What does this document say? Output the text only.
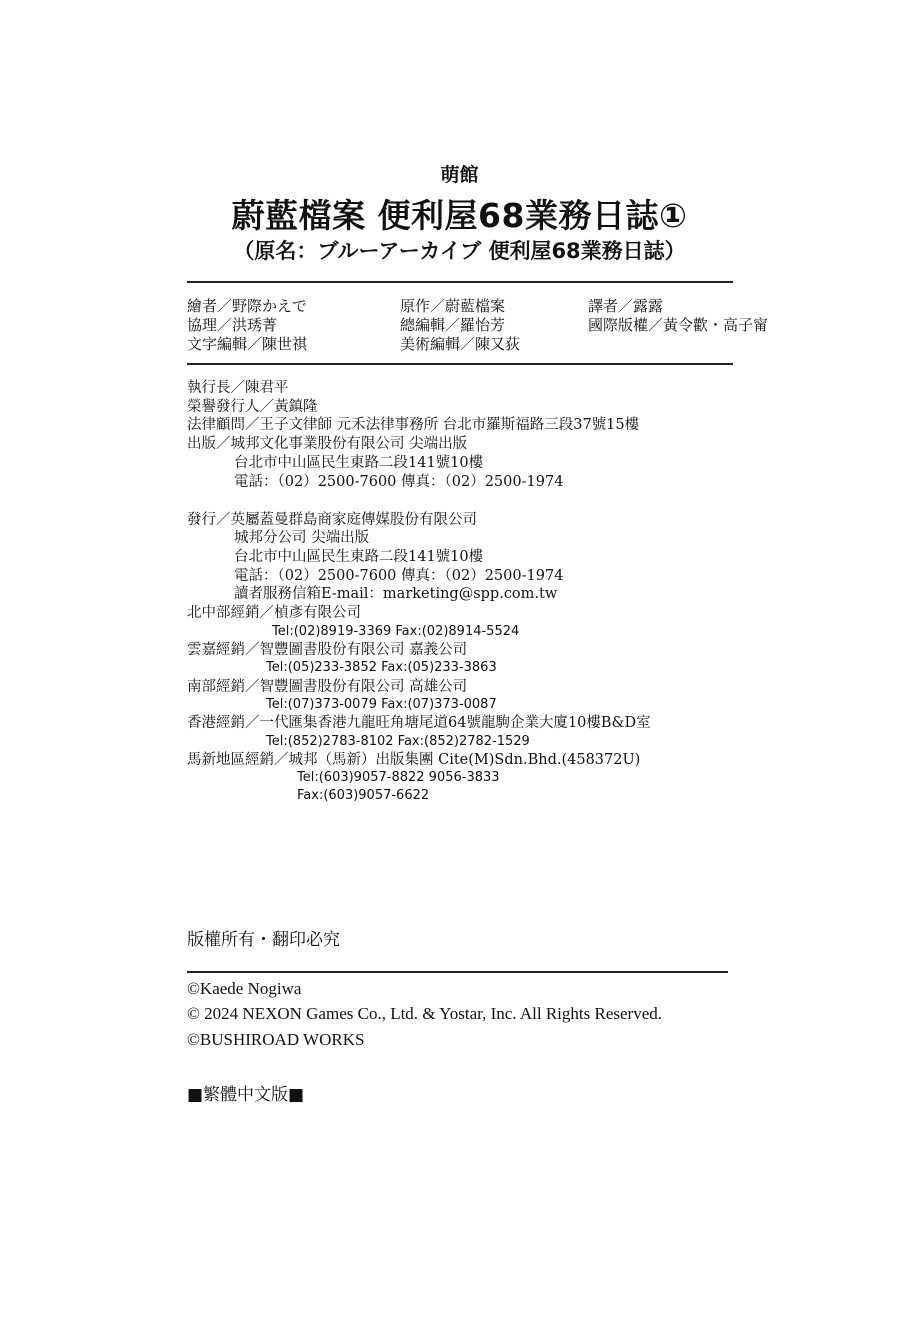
萌館
蔚藍檔案 便利屋68業務日誌①
（原名：ブルーアーカイブ 便利屋68業務日誌）
繪者／野際かえで
協理／洪琇菁
文字編輯／陳世祺
原作／蔚藍檔案
總編輯／羅怡芳
美術編輯／陳又荻
譯者／露露
國際版權／黃令歡・高子甯
執行長／陳君平
榮譽發行人／黃鎮隆
法律顧問／王子文律師 元禾法律事務所 台北市羅斯福路三段37號15樓
出版／城邦文化事業股份有限公司 尖端出版
台北市中山區民生東路二段141號10樓
電話：（02）2500-7600 傳真：（02）2500-1974
發行／英屬蓋曼群島商家庭傳媒股份有限公司
城邦分公司 尖端出版
台北市中山區民生東路二段141號10樓
電話：（02）2500-7600 傳真：（02）2500-1974
讀者服務信箱E-mail：marketing@spp.com.tw
北中部經銷／楨彥有限公司
Tel:(02)8919-3369 Fax:(02)8914-5524
雲嘉經銷／智豐圖書股份有限公司 嘉義公司
Tel:(05)233-3852 Fax:(05)233-3863
南部經銷／智豐圖書股份有限公司 高雄公司
Tel:(07)373-0079 Fax:(07)373-0087
香港經銷／一代匯集香港九龍旺角塘尾道64號龍駒企業大廈10樓B&D室
Tel:(852)2783-8102 Fax:(852)2782-1529
馬新地區經銷／城邦（馬新）出版集團 Cite(M)Sdn.Bhd.(458372U)
Tel:(603)9057-8822 9056-3833
Fax:(603)9057-6622
版權所有・翻印必究
©Kaede Nogiwa
© 2024 NEXON Games Co., Ltd. & Yostar, Inc. All Rights Reserved.
©BUSHIROAD WORKS
■繁體中文版■
